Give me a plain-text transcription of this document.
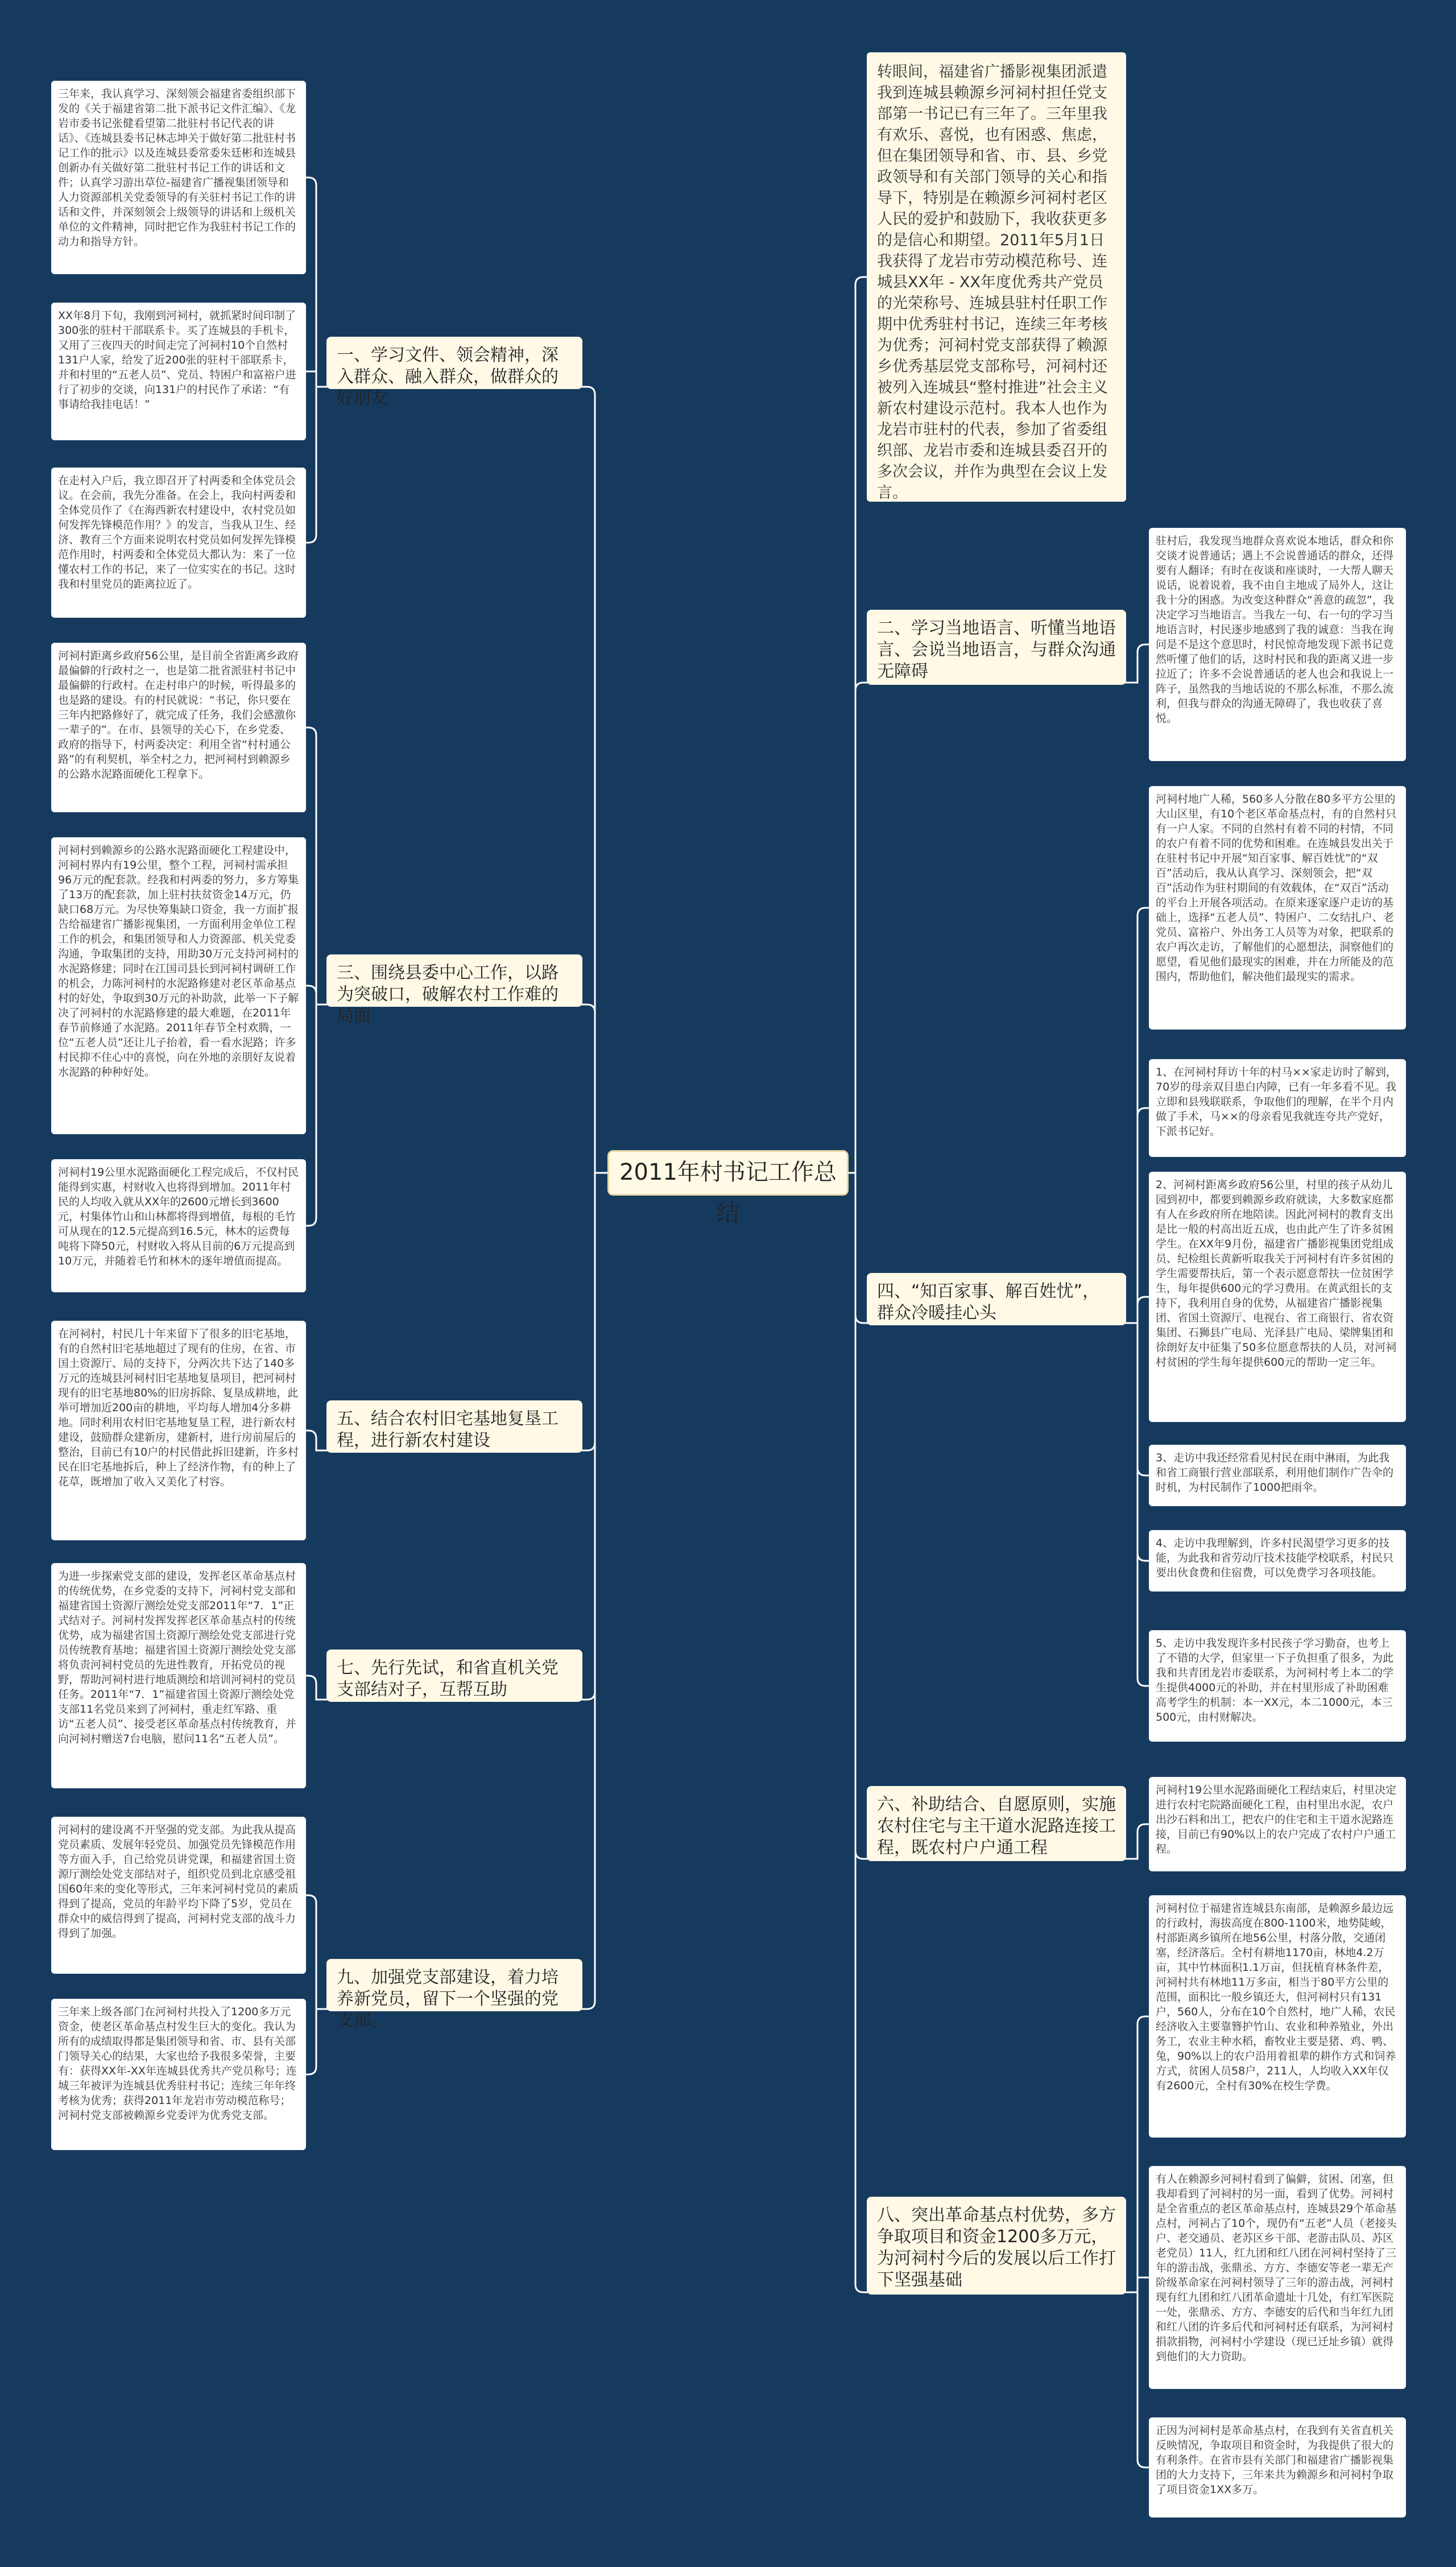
2011年村书记工作总结
一、学习文件、领会精神，深入群众、融入群众，做群众的好朋友
三年来，我认真学习、深刻领会福建省委组织部下发的《关于福建省第二批下派书记文件汇编》、《龙岩市委书记张健看望第二批驻村书记代表的讲话》、《连城县委书记林志坤关于做好第二批驻村书记工作的批示》以及连城县委常委朱廷彬和连城县创新办有关做好第二批驻村书记工作的讲话和文件；认真学习游出草位-福建省广播视集团领导和人力资源部机关党委领导的有关驻村书记工作的讲话和文件，并深刻领会上级领导的讲话和上级机关单位的文件精神，同时把它作为我驻村书记工作的动力和指导方针。
XX年8月下旬，我刚到河祠村，就抓紧时间印制了300张的驻村干部联系卡。买了连城县的手机卡，又用了三夜四天的时间走完了河祠村10个自然村131户人家，给发了近200张的驻村干部联系卡，并和村里的“五老人员”、党员、特困户和富裕户进行了初步的交谈，向131户的村民作了承诺：“有事请给我挂电话！”
在走村入户后，我立即召开了村两委和全体党员会议。在会前，我先分准备。在会上，我向村两委和全体党员作了《在海西新农村建设中，农村党员如何发挥先锋模范作用？》的发言，当我从卫生、经济、教育三个方面来说明农村党员如何发挥先锋模范作用时，村两委和全体党员大都认为：来了一位懂农村工作的书记，来了一位实实在的书记。这时我和村里党员的距离拉近了。
三、围绕县委中心工作，以路为突破口，破解农村工作难的局面
河祠村距离乡政府56公里，是目前全省距离乡政府最偏僻的行政村之一，也是第二批省派驻村书记中最偏僻的行政村。在走村串户的时候，听得最多的也是路的建设。有的村民就说：“书记，你只要在三年内把路修好了，就完成了任务，我们会感激你一辈子的”。在市、县领导的关心下，在乡党委、政府的指导下，村两委决定：利用全省“村村通公路”的有利契机，举全村之力，把河祠村到赖源乡的公路水泥路面硬化工程拿下。
河祠村到赖源乡的公路水泥路面硬化工程建设中，河祠村界内有19公里，整个工程，河祠村需承担96万元的配套款。经我和村两委的努力，多方筹集了13万的配套款，加上驻村扶贫资金14万元，仍缺口68万元。为尽快筹集缺口资金，我一方面扩报告给福建省广播影视集团，一方面利用金单位工程工作的机会，和集团领导和人力资源部、机关党委沟通，争取集团的支持，用助30万元支持河祠村的水泥路修建；同时在江国司县长到河祠村调研工作的机会，力陈河祠村的水泥路修建对老区革命基点村的好处，争取到30万元的补助款，此举一下子解决了河祠村的水泥路修建的最大难题，在2011年春节前修通了水泥路。2011年春节全村欢腾，一位“五老人员”还让儿子抬着，看一看水泥路；许多村民抑不住心中的喜悦，向在外地的亲朋好友说着水泥路的种种好处。
河祠村19公里水泥路面硬化工程完成后，不仅村民能得到实惠，村财收入也将得到增加。2011年村民的人均收入就从XX年的2600元增长到3600元，村集体竹山和山林都将得到增值，每根的毛竹可从现在的12.5元提高到16.5元，林木的运费每吨将下降50元，村财收入将从目前的6万元提高到10万元，并随着毛竹和林木的逐年增值而提高。
五、结合农村旧宅基地复垦工程，进行新农村建设
在河祠村，村民几十年来留下了很多的旧宅基地，有的自然村旧宅基地超过了现有的住房，在省、市国土资源厅、局的支持下，分两次共下达了140多万元的连城县河祠村旧宅基地复垦项目，把河祠村现有的旧宅基地80%的旧房拆除、复垦成耕地，此举可增加近200亩的耕地，平均每人增加4分多耕地。同时利用农村旧宅基地复垦工程，进行新农村建设，鼓励群众建新房，建新村，进行房前屋后的整治，目前已有10户的村民借此拆旧建新，许多村民在旧宅基地拆后，种上了经济作物，有的种上了花草，既增加了收入又美化了村容。
七、先行先试，和省直机关党支部结对子，互帮互助
为进一步探索党支部的建设，发挥老区革命基点村的传统优势，在乡党委的支持下，河祠村党支部和福建省国土资源厅测绘处党支部2011年“7．1”正式结对子。河祠村发挥发挥老区革命基点村的传统优势，成为福建省国土资源厅测绘处党支部进行党员传统教育基地；福建省国土资源厅测绘处党支部将负责河祠村党员的先进性教育，开拓党员的视野，帮助河祠村进行地质测绘和培训河祠村的党员任务。2011年“7．1”福建省国土资源厅测绘处党支部11名党员来到了河祠村，重走红军路、重访“五老人员”、接受老区革命基点村传统教育，并向河祠村赠送7台电脑，慰问11名“五老人员”。
九、加强党支部建设，着力培养新党员，留下一个坚强的党支部。
河祠村的建设离不开坚强的党支部。为此我从提高党员素质、发展年轻党员、加强党员先锋模范作用等方面入手，自己给党员讲党课，和福建省国土资源厅测绘处党支部结对子，组织党员到北京感受祖国60年来的变化等形式，三年来河祠村党员的素质得到了提高，党员的年龄平均下降了5岁，党员在群众中的威信得到了提高，河祠村党支部的战斗力得到了加强。
三年来上级各部门在河祠村共投入了1200多万元资金，使老区革命基点村发生巨大的变化。我认为所有的成绩取得都是集团领导和省、市、县有关部门领导关心的结果，大家也给予我很多荣誉，主要有：获得XX年-XX年连城县优秀共产党员称号；连城三年被评为连城县优秀驻村书记；连续三年年终考核为优秀；获得2011年龙岩市劳动模范称号；河祠村党支部被赖源乡党委评为优秀党支部。
转眼间，福建省广播影视集团派遣我到连城县赖源乡河祠村担任党支部第一书记已有三年了。三年里我有欢乐、喜悦，也有困惑、焦虑，但在集团领导和省、市、县、乡党政领导和有关部门领导的关心和指导下，特别是在赖源乡河祠村老区人民的爱护和鼓励下，我收获更多的是信心和期望。2011年5月1日我获得了龙岩市劳动模范称号、连城县XX年 - XX年度优秀共产党员的光荣称号、连城县驻村任职工作期中优秀驻村书记，连续三年考核为优秀；河祠村党支部获得了赖源乡优秀基层党支部称号，河祠村还被列入连城县“整村推进”社会主义新农村建设示范村。我本人也作为龙岩市驻村的代表，参加了省委组织部、龙岩市委和连城县委召开的多次会议，并作为典型在会议上发言。
二、学习当地语言、听懂当地语言、会说当地语言，与群众沟通无障碍
驻村后，我发现当地群众喜欢说本地话，群众和你交谈才说普通话；遇上不会说普通话的群众，还得要有人翻译；有时在夜谈和座谈时，一大帮人聊天说话，说着说着，我不由自主地成了局外人，这让我十分的困惑。为改变这种群众“善意的疏忽”，我决定学习当地语言。当我左一句、右一句的学习当地语言时，村民逐步地感到了我的诚意：当我在询问是不是这个意思时，村民惊奇地发现下派书记竟然听懂了他们的话，这时村民和我的距离又进一步拉近了；许多不会说普通话的老人也会和我说上一阵子，虽然我的当地话说的不那么标准，不那么流利，但我与群众的沟通无障碍了，我也收获了喜悦。
四、“知百家事、解百姓忧”，群众冷暖挂心头
河祠村地广人稀，560多人分散在80多平方公里的大山区里，有10个老区革命基点村，有的自然村只有一户人家。不同的自然村有着不同的村情，不同的农户有着不同的优势和困难。在连城县发出关于在驻村书记中开展“知百家事、解百姓忧”的“双百”活动后，我从认真学习、深刻领会，把“双百”活动作为驻村期间的有效载体，在“双百”活动的平台上开展各项活动。在原来逐家逐户走访的基础上，选择“五老人员”、特困户、二女结扎户、老党员、富裕户、外出务工人员等为对象，把联系的农户再次走访，了解他们的心愿想法，洞察他们的愿望，看见他们最现实的困难，并在力所能及的范围内，帮助他们，解决他们最现实的需求。
1、在河祠村拜访十年的村马××家走访时了解到，70岁的母亲双目患白内障，已有一年多看不见。我立即和县残联联系，争取他们的理解，在半个月内做了手术，马××的母亲看见我就连夸共产党好，下派书记好。
2、河祠村距离乡政府56公里，村里的孩子从幼儿园到初中，都要到赖源乡政府就读，大多数家庭都有人在乡政府所在地陪读。因此河祠村的教育支出是比一般的村高出近五成，也由此产生了许多贫困学生。在XX年9月份，福建省广播影视集团党组成员、纪检组长黄新听取我关于河祠村有许多贫困的学生需要帮扶后，第一个表示愿意帮扶一位贫困学生，每年提供600元的学习费用。在黄武组长的支持下，我利用自身的优势，从福建省广播影视集团、省国土资源厅、电视台、省工商银行、省农资集团、石狮县广电局、光泽县广电局、梁牌集团和徐朗好友中征集了50多位愿意帮扶的人员，对河祠村贫困的学生每年提供600元的帮助一定三年。
3、走访中我还经常看见村民在雨中淋雨，为此我和省工商银行营业部联系，利用他们制作广告伞的时机，为村民制作了1000把雨伞。
4、走访中我理解到，许多村民渴望学习更多的技能，为此我和省劳动厅技术技能学校联系，村民只要出伙食费和住宿费，可以免费学习各项技能。
5、走访中我发现许多村民孩子学习勤奋，也考上了不错的大学，但家里一下子负担重了很多，为此我和共青团龙岩市委联系，为河祠村考上本二的学生提供4000元的补助，并在村里形成了补助困难高考学生的机制：本一XX元，本二1000元，本三500元，由村财解决。
六、补助结合、自愿原则，实施农村住宅与主干道水泥路连接工程，既农村户户通工程
河祠村19公里水泥路面硬化工程结束后，村里决定进行农村宅院路面硬化工程，由村里出水泥，农户出沙石料和出工，把农户的住宅和主干道水泥路连接，目前已有90%以上的农户完成了农村户户通工程。
八、突出革命基点村优势，多方争取项目和资金1200多万元，为河祠村今后的发展以后工作打下坚强基础
河祠村位于福建省连城县东南部，是赖源乡最边远的行政村，海拔高度在800-1100米，地势陡峻，村部距离乡镇所在地56公里，村落分散，交通闭塞，经济落后。全村有耕地1170亩，林地4.2万亩，其中竹林面积1.1万亩，但抚植育林条件差，河祠村共有林地11万多亩，相当于80平方公里的范围，面积比一般乡镇还大，但河祠村只有131户，560人，分布在10个自然村，地广人稀，农民经济收入主要靠簪护竹山、农业和种养殖业，外出务工，农业主种水稻，畜牧业主要是猪、鸡、鸭、兔，90%以上的农户沿用着祖辈的耕作方式和饲养方式，贫困人员58户，211人，人均收入XX年仅有2600元，全村有30%在校生学费。
有人在赖源乡河祠村看到了偏僻，贫困、闭塞，但我却看到了河祠村的另一面，看到了优势。河祠村是全省重点的老区革命基点村，连城县29个革命基点村，河祠占了10个，现仍有“五老”人员（老接头户、老交通员、老苏区乡干部、老游击队员、苏区老党员）11人，红九团和红八团在河祠村坚持了三年的游击战，张鼎丞、方方、李德安等老一辈无产阶级革命家在河祠村领导了三年的游击战，河祠村现有红九团和红八团革命遗址十几处，有红军医院一处，张鼎丞、方方、李德安的后代和当年红九团和红八团的许多后代和河祠村还有联系，为河祠村捐款捐物，河祠村小学建设（现已迁址乡镇）就得到他们的大力资助。
正因为河祠村是革命基点村，在我到有关省直机关反映情况，争取项目和资金时，为我提供了很大的有利条件。在省市县有关部门和福建省广播影视集团的大力支持下，三年来共为赖源乡和河祠村争取了项目资金1XX多万。
